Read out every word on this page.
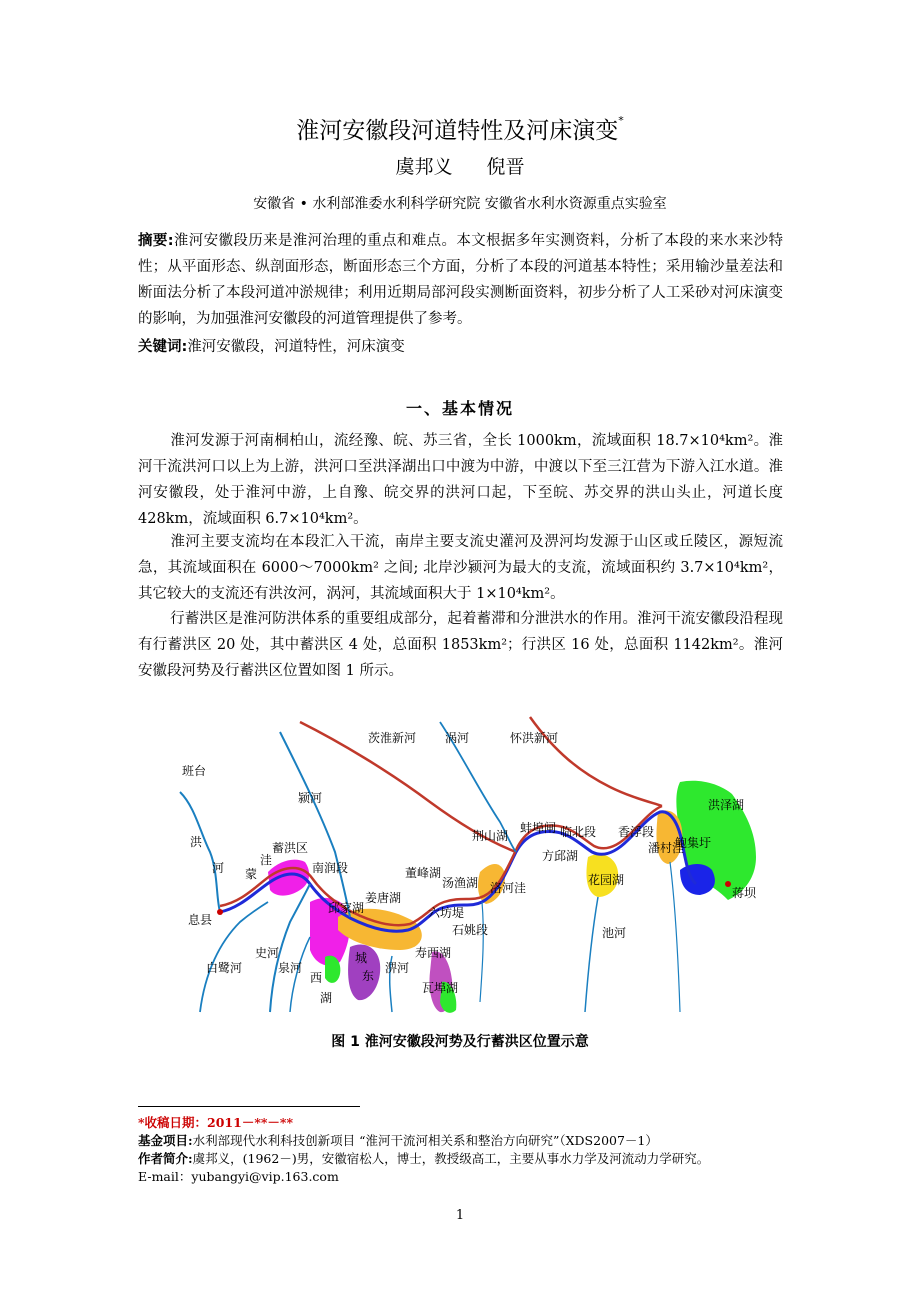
淮河安徽段河道特性及河床演变*
虞邦义 倪晋
安徽省 • 水利部淮委水利科学研究院 安徽省水利水资源重点实验室
摘要:淮河安徽段历来是淮河治理的重点和难点。本文根据多年实测资料，分析了本段的来水来沙特性；从平面形态、纵剖面形态，断面形态三个方面，分析了本段的河道基本特性；采用输沙量差法和断面法分析了本段河道冲淤规律；利用近期局部河段实测断面资料，初步分析了人工采砂对河床演变的影响，为加强淮河安徽段的河道管理提供了参考。
关键词:淮河安徽段，河道特性，河床演变
一、基本情况
淮河发源于河南桐柏山，流经豫、皖、苏三省，全长 1000km，流域面积 18.7×10⁴km²。淮河干流洪河口以上为上游，洪河口至洪泽湖出口中渡为中游，中渡以下至三江营为下游入江水道。淮河安徽段，处于淮河中游，上自豫、皖交界的洪河口起，下至皖、苏交界的洪山头止，河道长度 428km，流域面积 6.7×10⁴km²。
淮河主要支流均在本段汇入干流，南岸主要支流史灌河及淠河均发源于山区或丘陵区，源短流急，其流域面积在 6000～7000km² 之间; 北岸沙颍河为最大的支流，流域面积约 3.7×10⁴km²，其它较大的支流还有洪汝河，涡河，其流域面积大于 1×10⁴km²。
行蓄洪区是淮河防洪体系的重要组成部分，起着蓄滞和分泄洪水的作用。淮河干流安徽段沿程现有行蓄洪区 20 处，其中蓄洪区 4 处，总面积 1853km²；行洪区 16 处，总面积 1142km²。淮河安徽段河势及行蓄洪区位置如图 1 所示。
班台
洪
河 蒙
洼
蓄洪区
息县
白鹭河
史河
泉河
颍河
南润段
邱家湖
姜唐湖
西
湖
城
东
淠河
寿西湖
瓦埠湖
董峰湖
六坊堤
汤渔湖
石姚段
荆山湖
洛河洼
茨淮新河 涡河
蚌埠闸
方邱湖
临北段
花园湖
池河
香浮段
怀洪新河
潘村洼
鲍集圩
洪泽湖
蒋坝
图 1 淮河安徽段河势及行蓄洪区位置示意
*收稿日期：2011－**－**
基金项目:水利部现代水利科技创新项目 “淮河干流河相关系和整治方向研究”（XDS2007－1）
作者简介:虞邦义，(1962－)男，安徽宿松人，博士，教授级高工，主要从事水力学及河流动力学研究。
E-mail：yubangyi@vip.163.com
1
